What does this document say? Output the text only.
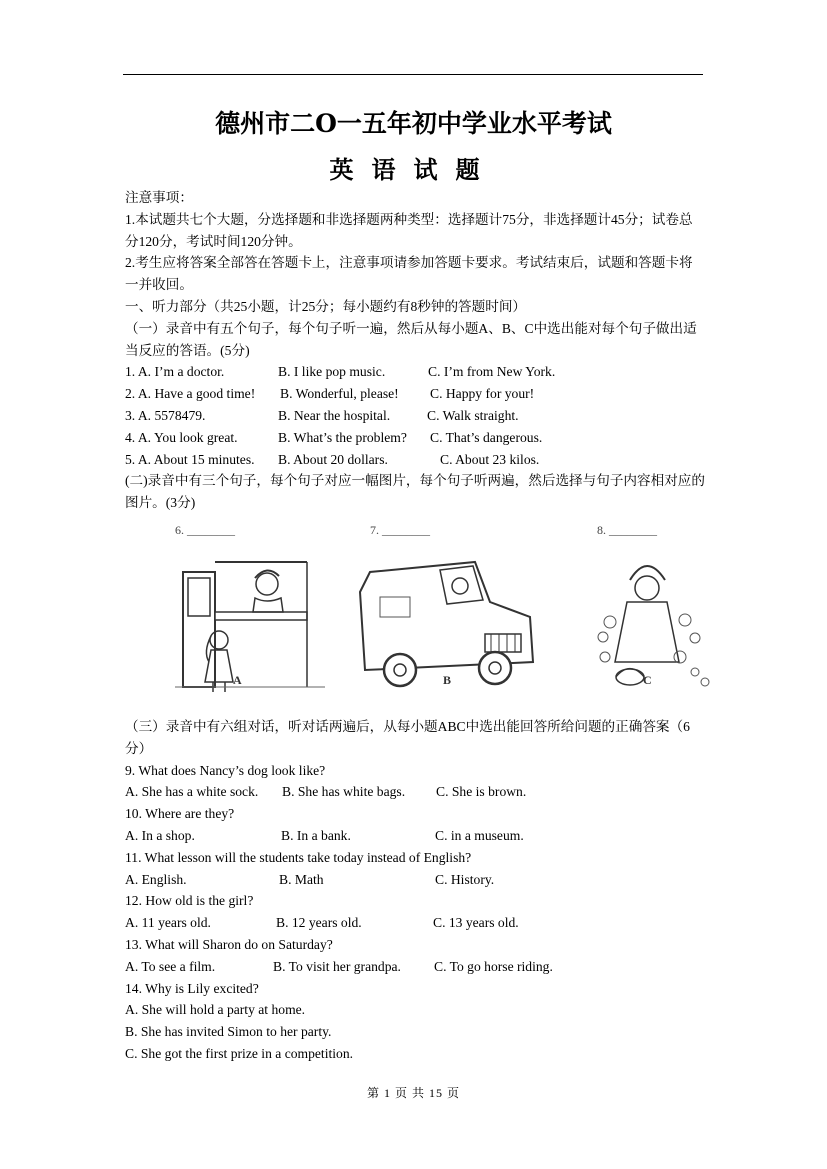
德州市二O一五年初中学业水平考试
英语试题
注意事项：
1.本试题共七个大题，分选择题和非选择题两种类型：选择题计75分，非选择题计45分；试卷总分120分，考试时间120分钟。
2.考生应将答案全部答在答题卡上，注意事项请参加答题卡要求。考试结束后，试题和答题卡将一并收回。
一、听力部分（共25小题，计25分；每小题约有8秒钟的答题时间）
（一）录音中有五个句子，每个句子听一遍，然后从每小题A、B、C中选出能对每个句子做出适当反应的答语。(5分)
1. A. I’m a doctor.	B. I like pop music.	C. I’m from New York.
2. A. Have a good time! B. Wonderful, please! C. Happy for your!
3. A. 5578479.	B. Near the hospital.	C. Walk straight.
4. A. You look great.	B. What’s the problem? C. That’s dangerous.
5. A. About 15 minutes. B. About 20 dollars.	C. About 23 kilos.
(二)录音中有三个句子，每个句子对应一幅图片，每个句子听两遍，然后选择与句子内容相对应的图片。(3分)
6. ________
A
7. ________
B
8. ________
C
（三）录音中有六组对话，听对话两遍后，从每小题ABC中选出能回答所给问题的正确答案（6分）
9. What does Nancy’s dog look like?
A. She has a white sock. B. She has white bags. C. She is brown.
10. Where are they?
A. In a shop.	B. In a bank.	C. in a museum.
11. What lesson will the students take today instead of English?
A. English.	B. Math	C. History.
12. How old is the girl?
A. 11 years old.	B. 12 years old.	C. 13 years old.
13. What will Sharon do on Saturday?
A. To see a film.	B. To visit her grandpa. C. To go horse riding.
14. Why is Lily excited?
A. She will hold a party at home.
B. She has invited Simon to her party.
C. She got the first prize in a competition.
第 1 页 共 15 页
